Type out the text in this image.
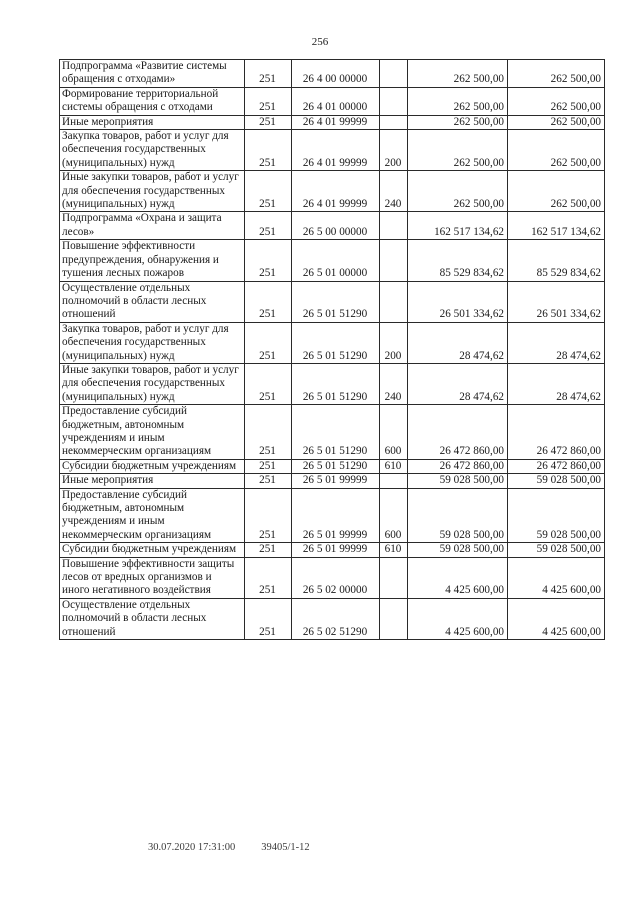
256
Подпрограмма «Развитие системы обращения с отходами»	251	26 4 00 00000		262 500,00	262 500,00
Формирование территориальной системы обращения с отходами	251	26 4 01 00000		262 500,00	262 500,00
Иные мероприятия	251	26 4 01 99999		262 500,00	262 500,00
Закупка товаров, работ и услуг для обеспечения государственных (муниципальных) нужд	251	26 4 01 99999	200	262 500,00	262 500,00
Иные закупки товаров, работ и услуг для обеспечения государственных (муниципальных) нужд	251	26 4 01 99999	240	262 500,00	262 500,00
Подпрограмма «Охрана и защита лесов»	251	26 5 00 00000		162 517 134,62	162 517 134,62
Повышение эффективности предупреждения, обнаружения и тушения лесных пожаров	251	26 5 01 00000		85 529 834,62	85 529 834,62
Осуществление отдельных полномочий в области лесных отношений	251	26 5 01 51290		26 501 334,62	26 501 334,62
Закупка товаров, работ и услуг для обеспечения государственных (муниципальных) нужд	251	26 5 01 51290	200	28 474,62	28 474,62
Иные закупки товаров, работ и услуг для обеспечения государственных (муниципальных) нужд	251	26 5 01 51290	240	28 474,62	28 474,62
Предоставление субсидий бюджетным, автономным учреждениям и иным некоммерческим организациям	251	26 5 01 51290	600	26 472 860,00	26 472 860,00
Субсидии бюджетным учреждениям	251	26 5 01 51290	610	26 472 860,00	26 472 860,00
Иные мероприятия	251	26 5 01 99999		59 028 500,00	59 028 500,00
Предоставление субсидий бюджетным, автономным учреждениям и иным некоммерческим организациям	251	26 5 01 99999	600	59 028 500,00	59 028 500,00
Субсидии бюджетным учреждениям	251	26 5 01 99999	610	59 028 500,00	59 028 500,00
Повышение эффективности защиты лесов от вредных организмов и иного негативного воздействия	251	26 5 02 00000		4 425 600,00	4 425 600,00
Осуществление отдельных полномочий в области лесных отношений	251	26 5 02 51290		4 425 600,00	4 425 600,00
30.07.2020 17:31:00 39405/1-12
